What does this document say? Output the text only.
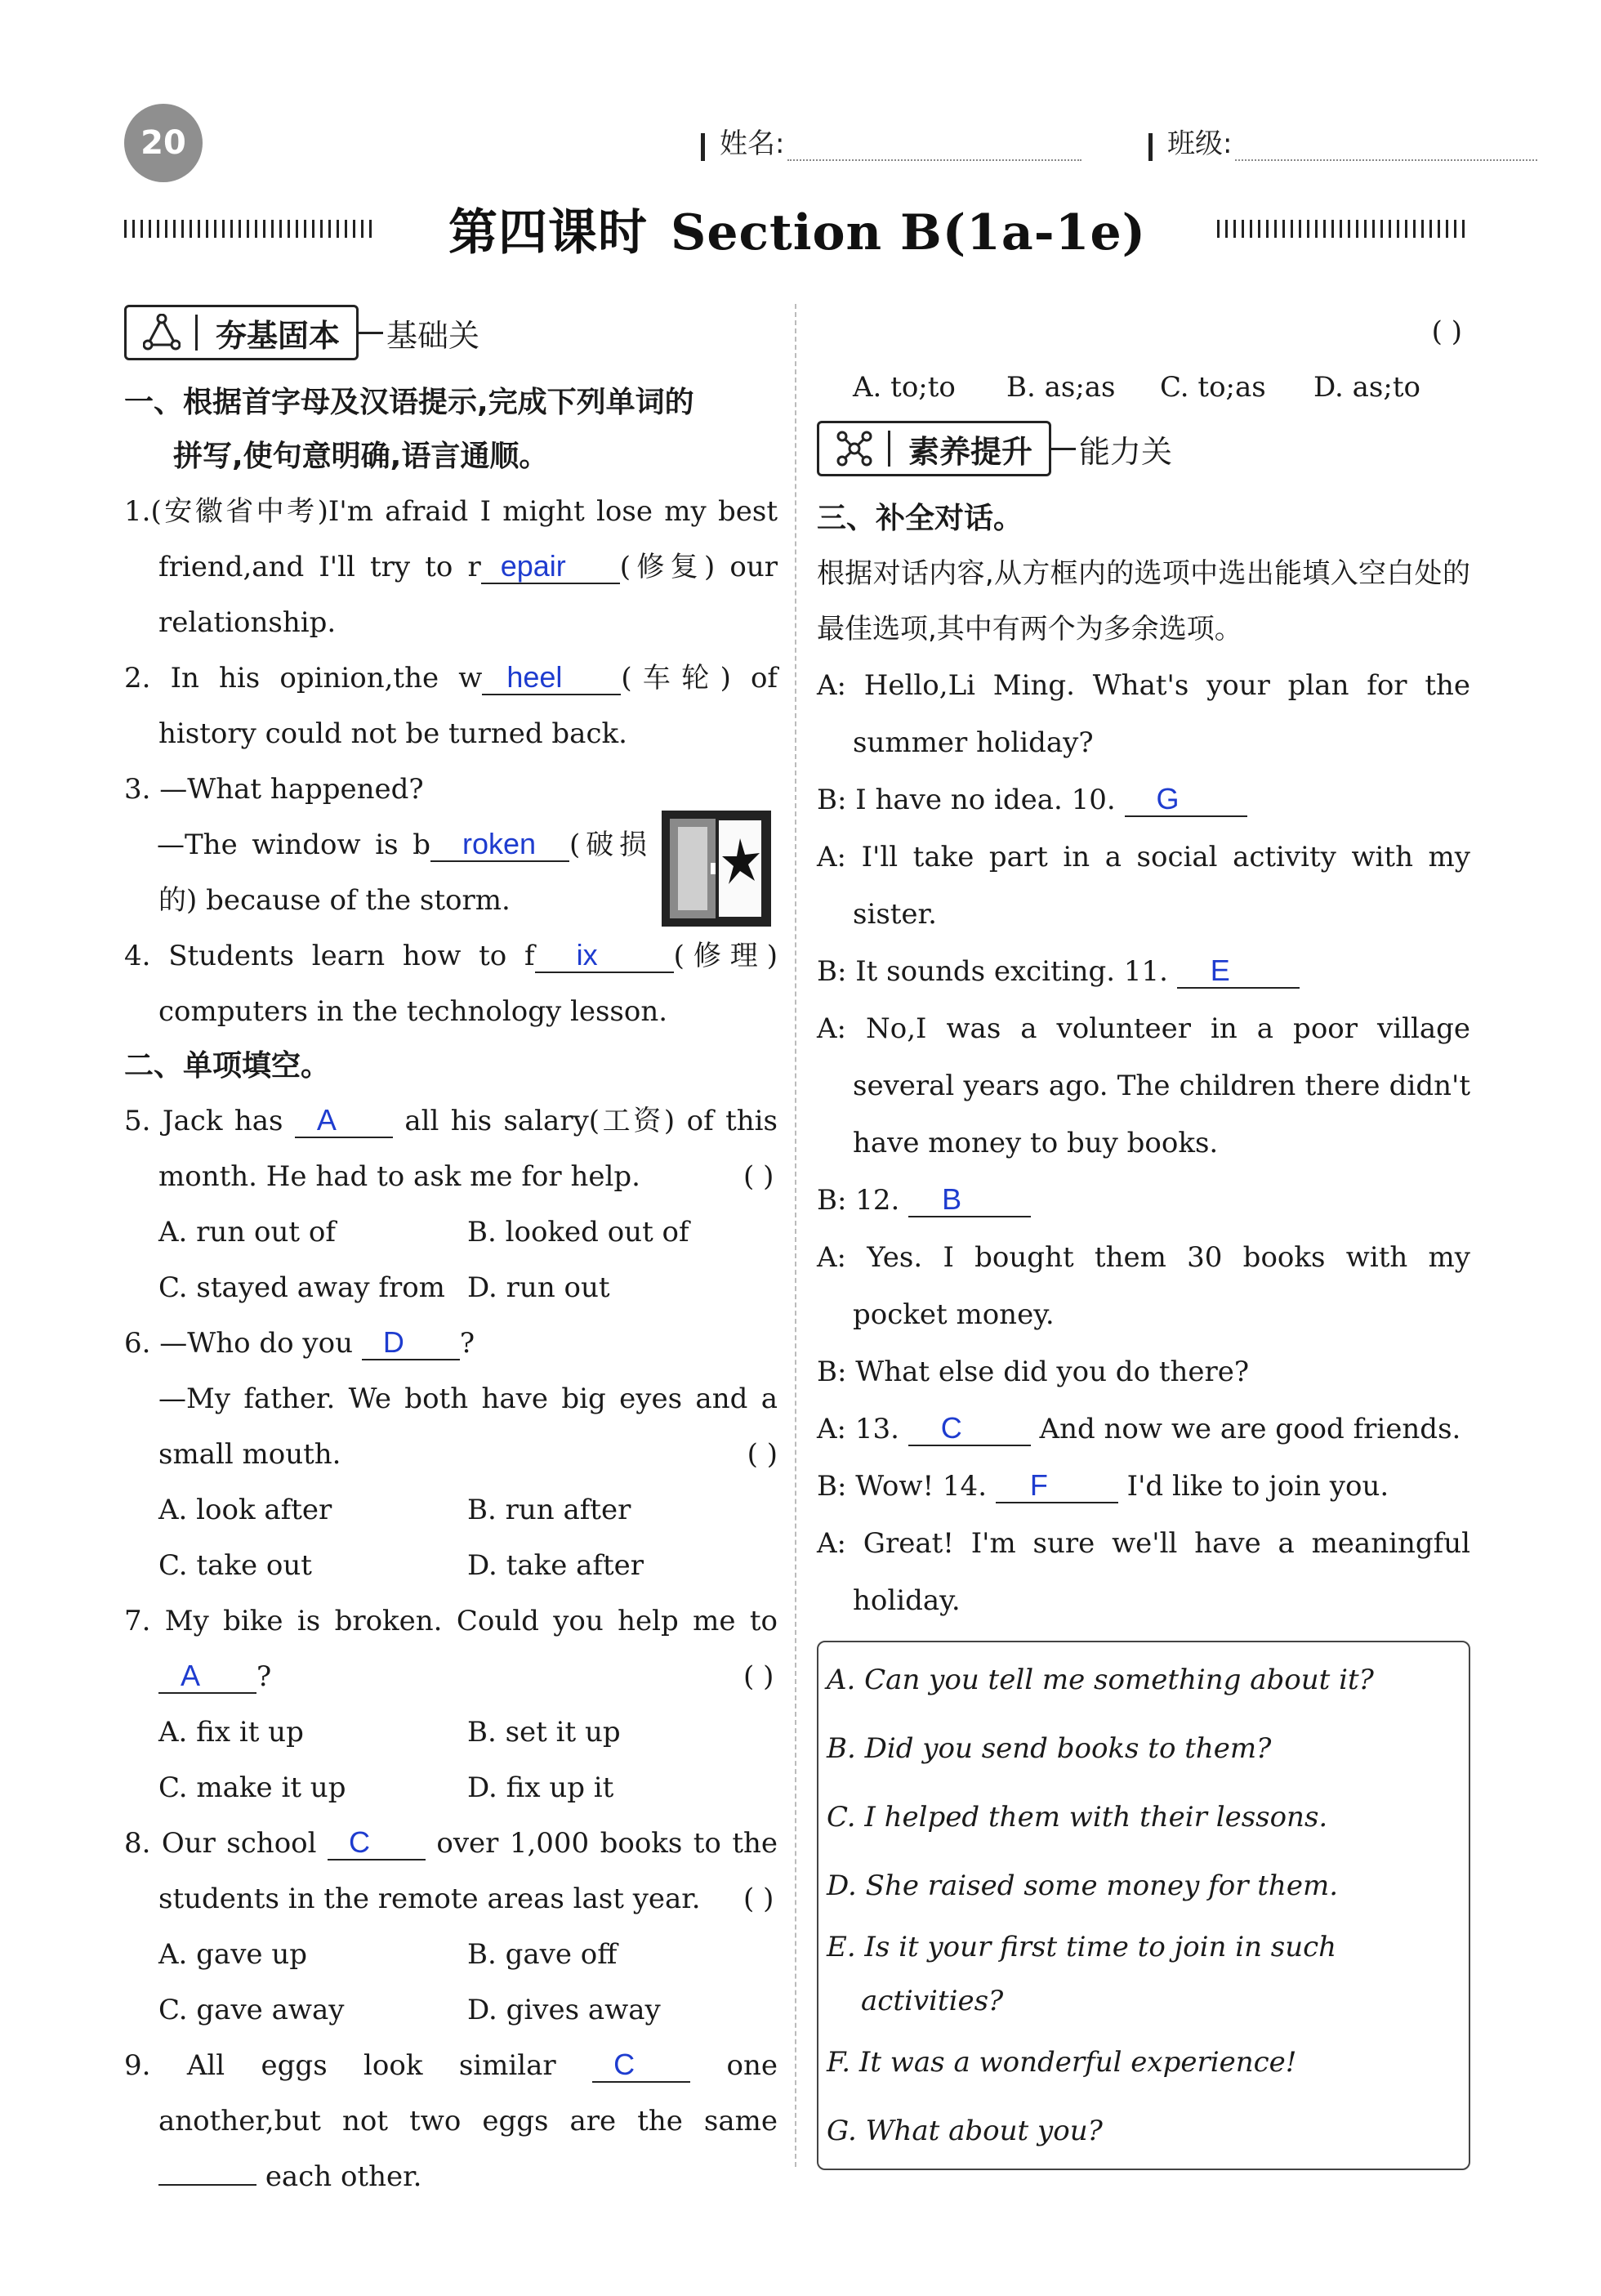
20	姓名:	班级:
第四课时 Section B(1a-1e)
夯基固本 基础关

一、根据首字母及汉语提示,完成下列单词的

拼写,使句意明确,语言通顺。

1.(安徽省中考)I'm afraid I might lose my best friend,and I'll try to r epair (修复) our relationship.

2. In his opinion,the w heel (车轮) of history could not be turned back.

3. —What happened?

—The window is b roken (破损的) because of the storm.

4. Students learn how to f ix	(修理) computers in the technology lesson.

二、单项填空。

5. Jack has A all his salary(工资) of this month. He had to ask me for help.	( )

A. run out of	B. looked out of
C. stayed away from D. run out

6. —Who do you D ?

—My father. We both have big eyes and a small mouth.	( )

A. look after	B. run after
C. take out	D. take after

7. My bike is broken. Could you help me to A ?	( )

A. fix it up	B. set it up
C. make it up	D. fix up it

8. Our school C over 1,000 books to the students in the remote areas last year. ( )

A. gave up	B. gave off
C. gave away	D. gives away

9. All eggs look similar C	one another,but not two eggs are the same  each other.

( )

A. to;to	B. as;as	C. to;as	D. as;to
素养提升 能力关

三、补全对话。

根据对话内容,从方框内的选项中选出能填入空白处的最佳选项,其中有两个为多余选项。

A: Hello,Li Ming. What's your plan for the summer holiday?

B: I have no idea. 10. G

A: I'll take part in a social activity with my sister.

B: It sounds exciting. 11. E

A: No,I was a volunteer in a poor village several years ago. The children there didn't have money to buy books.

B: 12. B

A: Yes. I bought them 30 books with my pocket money.

B: What else did you do there?

A: 13. C	And now we are good friends.

B: Wow! 14. F	I'd like to join you.

A: Great! I'm sure we'll have a meaningful holiday.

A. Can you tell me something about it?
B. Did you send books to them?
C. I helped them with their lessons.
D. She raised some money for them.
E. Is it your first time to join in such activities?
F. It was a wonderful experience!
G. What about you?
